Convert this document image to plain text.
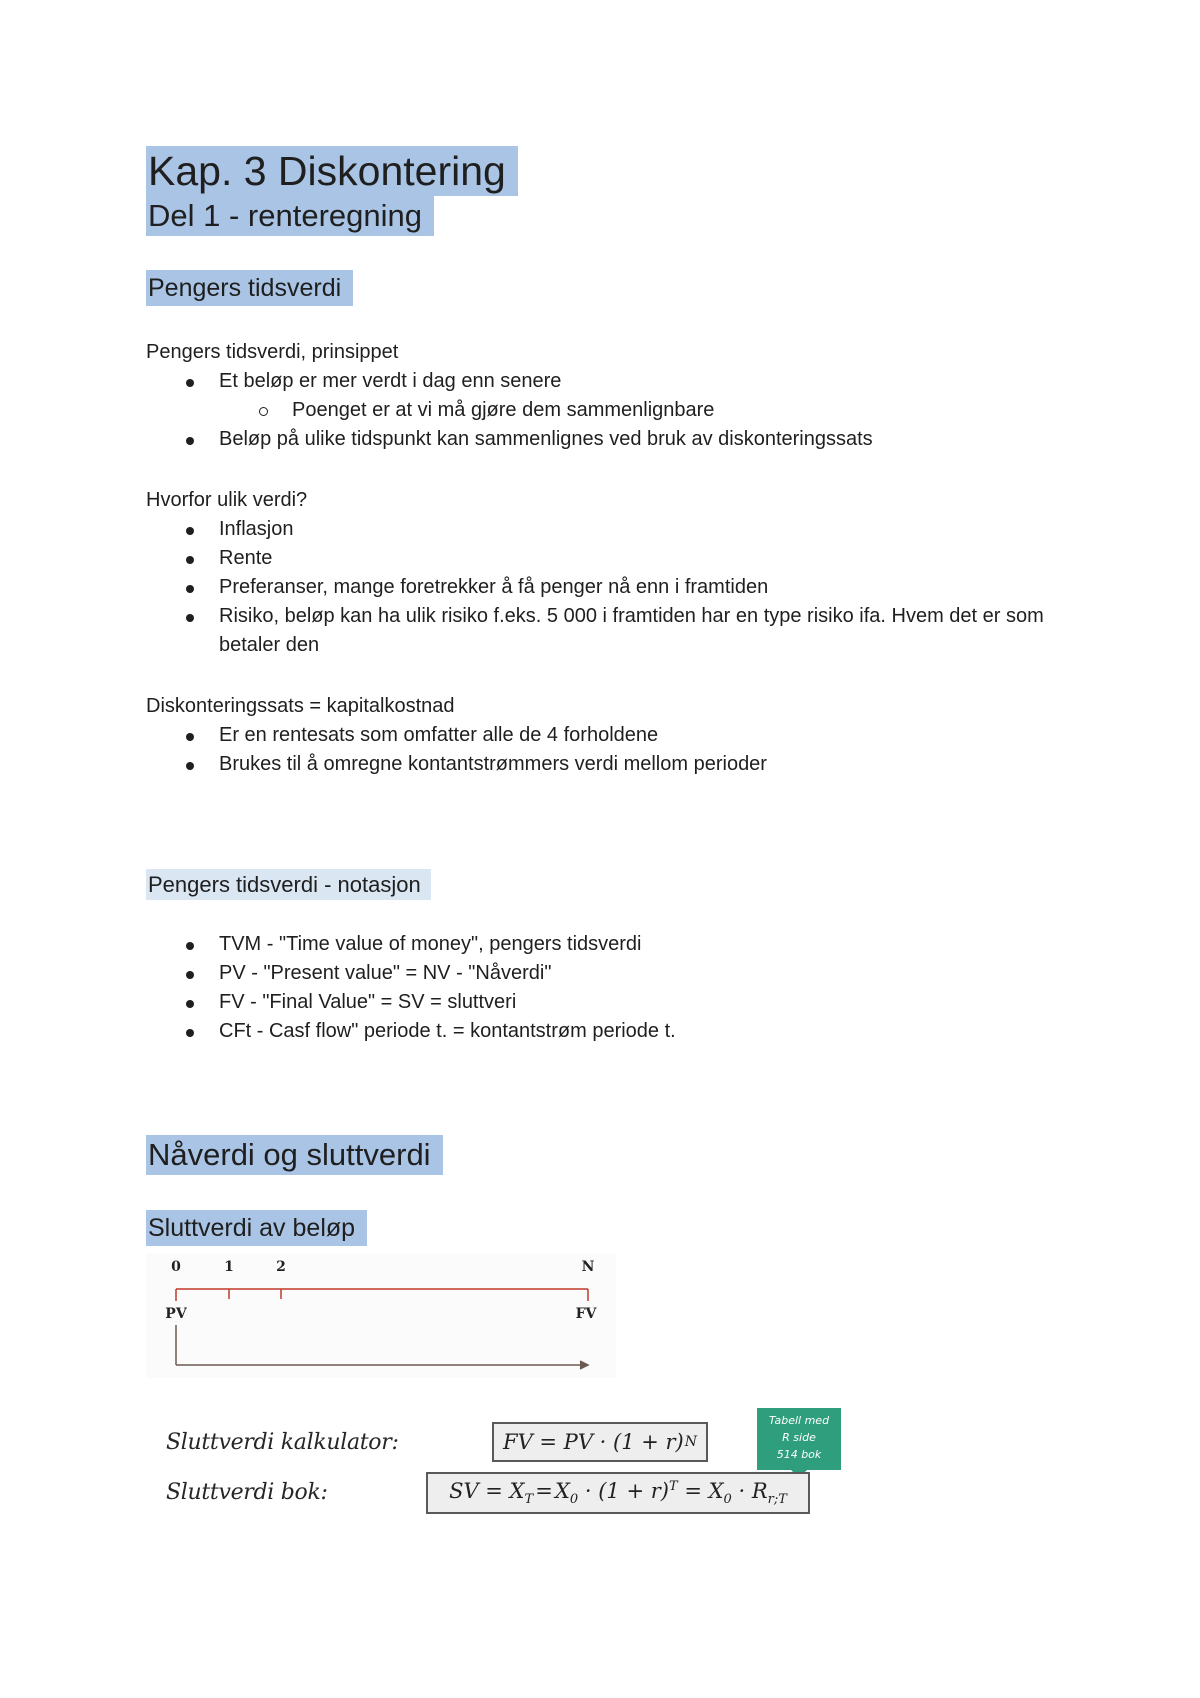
Kap. 3 Diskontering
Del 1 - renteregning
Pengers tidsverdi
Pengers tidsverdi, prinsippet
Et beløp er mer verdt i dag enn senere
Poenget er at vi må gjøre dem sammenlignbare
Beløp på ulike tidspunkt kan sammenlignes ved bruk av diskonteringssats
Hvorfor ulik verdi?
Inflasjon
Rente
Preferanser, mange foretrekker å få penger nå enn i framtiden
Risiko, beløp kan ha ulik risiko f.eks. 5 000 i framtiden har en type risiko ifa. Hvem det er som betaler den
Diskonteringssats = kapitalkostnad
Er en rentesats som omfatter alle de 4 forholdene
Brukes til å omregne kontantstrømmers verdi mellom perioder
Pengers tidsverdi - notasjon
TVM - "Time value of money", pengers tidsverdi
PV - "Present value" = NV - "Nåverdi"
FV - "Final Value" = SV = sluttveri
CFt - Casf flow" periode t. = kontantstrøm periode t.
Nåverdi og sluttverdi
Sluttverdi av beløp
0	1	2	N
PV	FV
Sluttverdi kalkulator:	FV = PV · (1 + r) N
Tabell med
R side
514 bok
Sluttverdi bok:	SV = $X_T$ = $X_0 \cdot (1 + r)^T = X_0 \cdot R_{r;T}$
